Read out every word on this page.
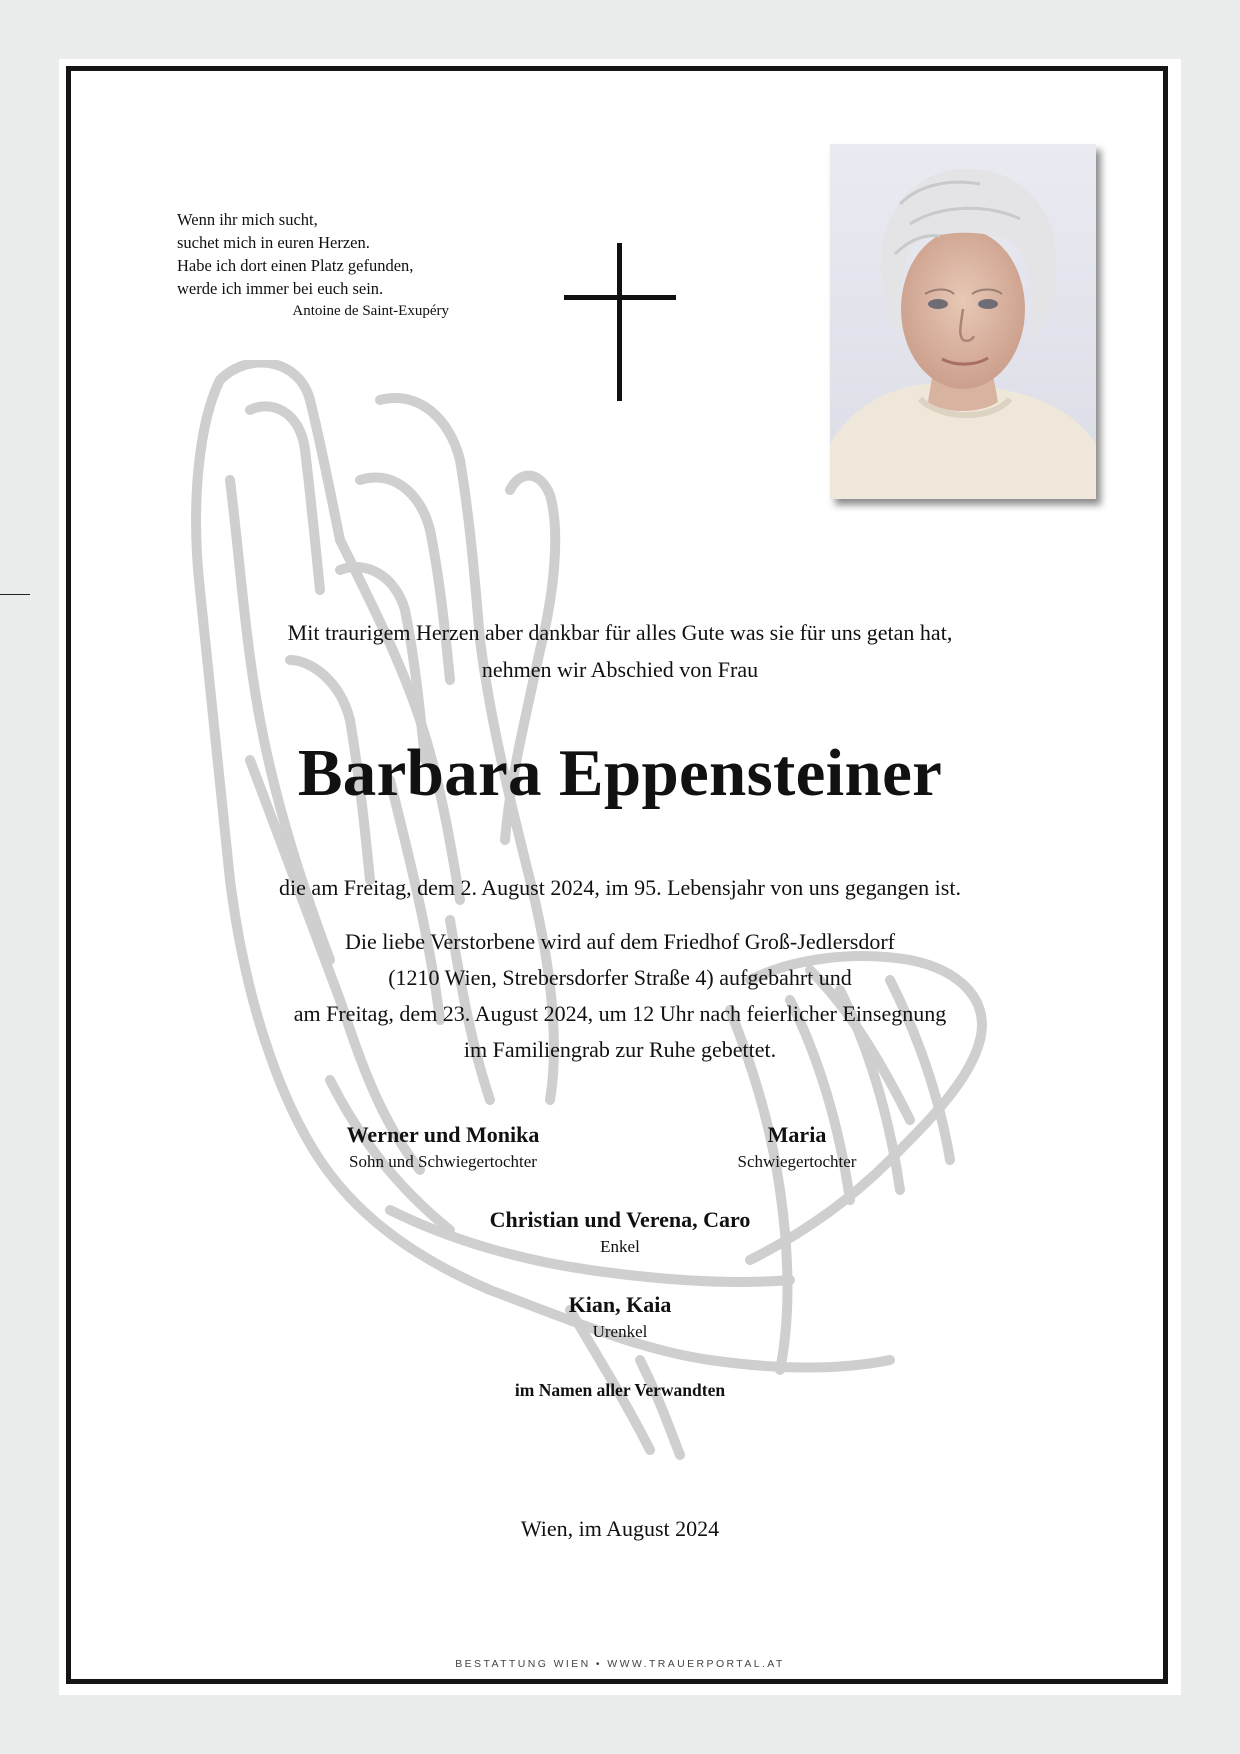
Wenn ihr mich sucht,
suchet mich in euren Herzen.
Habe ich dort einen Platz gefunden,
werde ich immer bei euch sein.
Antoine de Saint-Exupéry
Mit traurigem Herzen aber dankbar für alles Gute was sie für uns getan hat,
nehmen wir Abschied von Frau
Barbara Eppensteiner
die am Freitag, dem 2. August 2024, im 95. Lebensjahr von uns gegangen ist.
Die liebe Verstorbene wird auf dem Friedhof Groß-Jedlersdorf
(1210 Wien, Strebersdorfer Straße 4) aufgebahrt und
am Freitag, dem 23. August 2024, um 12 Uhr nach feierlicher Einsegnung
im Familiengrab zur Ruhe gebettet.
Werner und Monika
Sohn und Schwiegertochter
Maria
Schwiegertochter
Christian und Verena, Caro
Enkel
Kian, Kaia
Urenkel
im Namen aller Verwandten
Wien, im August 2024
BESTATTUNG WIEN • WWW.TRAUERPORTAL.AT
